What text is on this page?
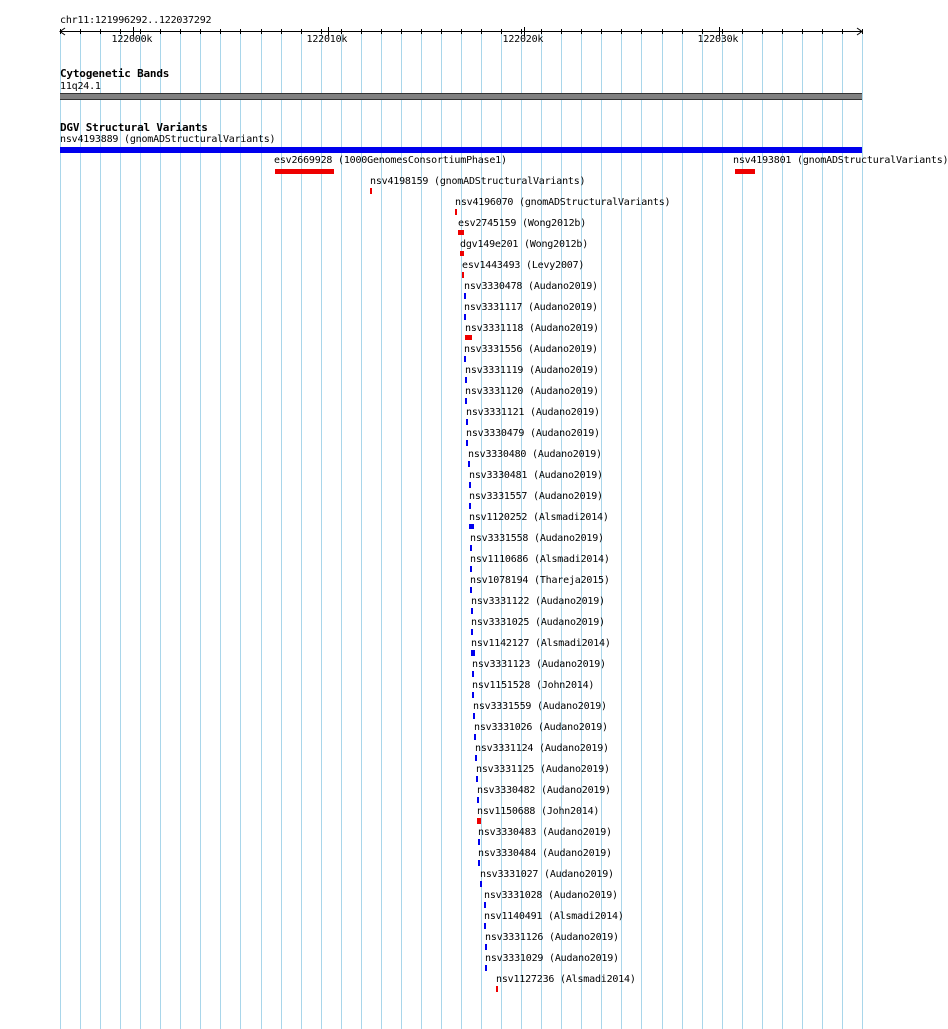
chr11:121996292..122037292
122000k	122010k	122020k	122030k
Cytogenetic Bands
11q24.1
DGV Structural Variants
nsv4193889 (gnomADStructuralVariants)
esv2669928 (1000GenomesConsortiumPhase1)	nsv4193801 (gnomADStructuralVariants)
nsv4198159 (gnomADStructuralVariants)
nsv4196070 (gnomADStructuralVariants)
esv2745159 (Wong2012b)
dgv149e201 (Wong2012b)
esv1443493 (Levy2007)
nsv3330478 (Audano2019)
nsv3331117 (Audano2019)
nsv3331118 (Audano2019)
nsv3331556 (Audano2019)
nsv3331119 (Audano2019)
nsv3331120 (Audano2019)
nsv3331121 (Audano2019)
nsv3330479 (Audano2019)
nsv3330480 (Audano2019)
nsv3330481 (Audano2019)
nsv3331557 (Audano2019)
nsv1120252 (Alsmadi2014)
nsv3331558 (Audano2019)
nsv1110686 (Alsmadi2014)
nsv1078194 (Thareja2015)
nsv3331122 (Audano2019)
nsv3331025 (Audano2019)
nsv1142127 (Alsmadi2014)
nsv3331123 (Audano2019)
nsv1151528 (John2014)
nsv3331559 (Audano2019)
nsv3331026 (Audano2019)
nsv3331124 (Audano2019)
nsv3331125 (Audano2019)
nsv3330482 (Audano2019)
nsv1150688 (John2014)
nsv3330483 (Audano2019)
nsv3330484 (Audano2019)
nsv3331027 (Audano2019)
nsv3331028 (Audano2019)
nsv1140491 (Alsmadi2014)
nsv3331126 (Audano2019)
nsv3331029 (Audano2019)
nsv1127236 (Alsmadi2014)
